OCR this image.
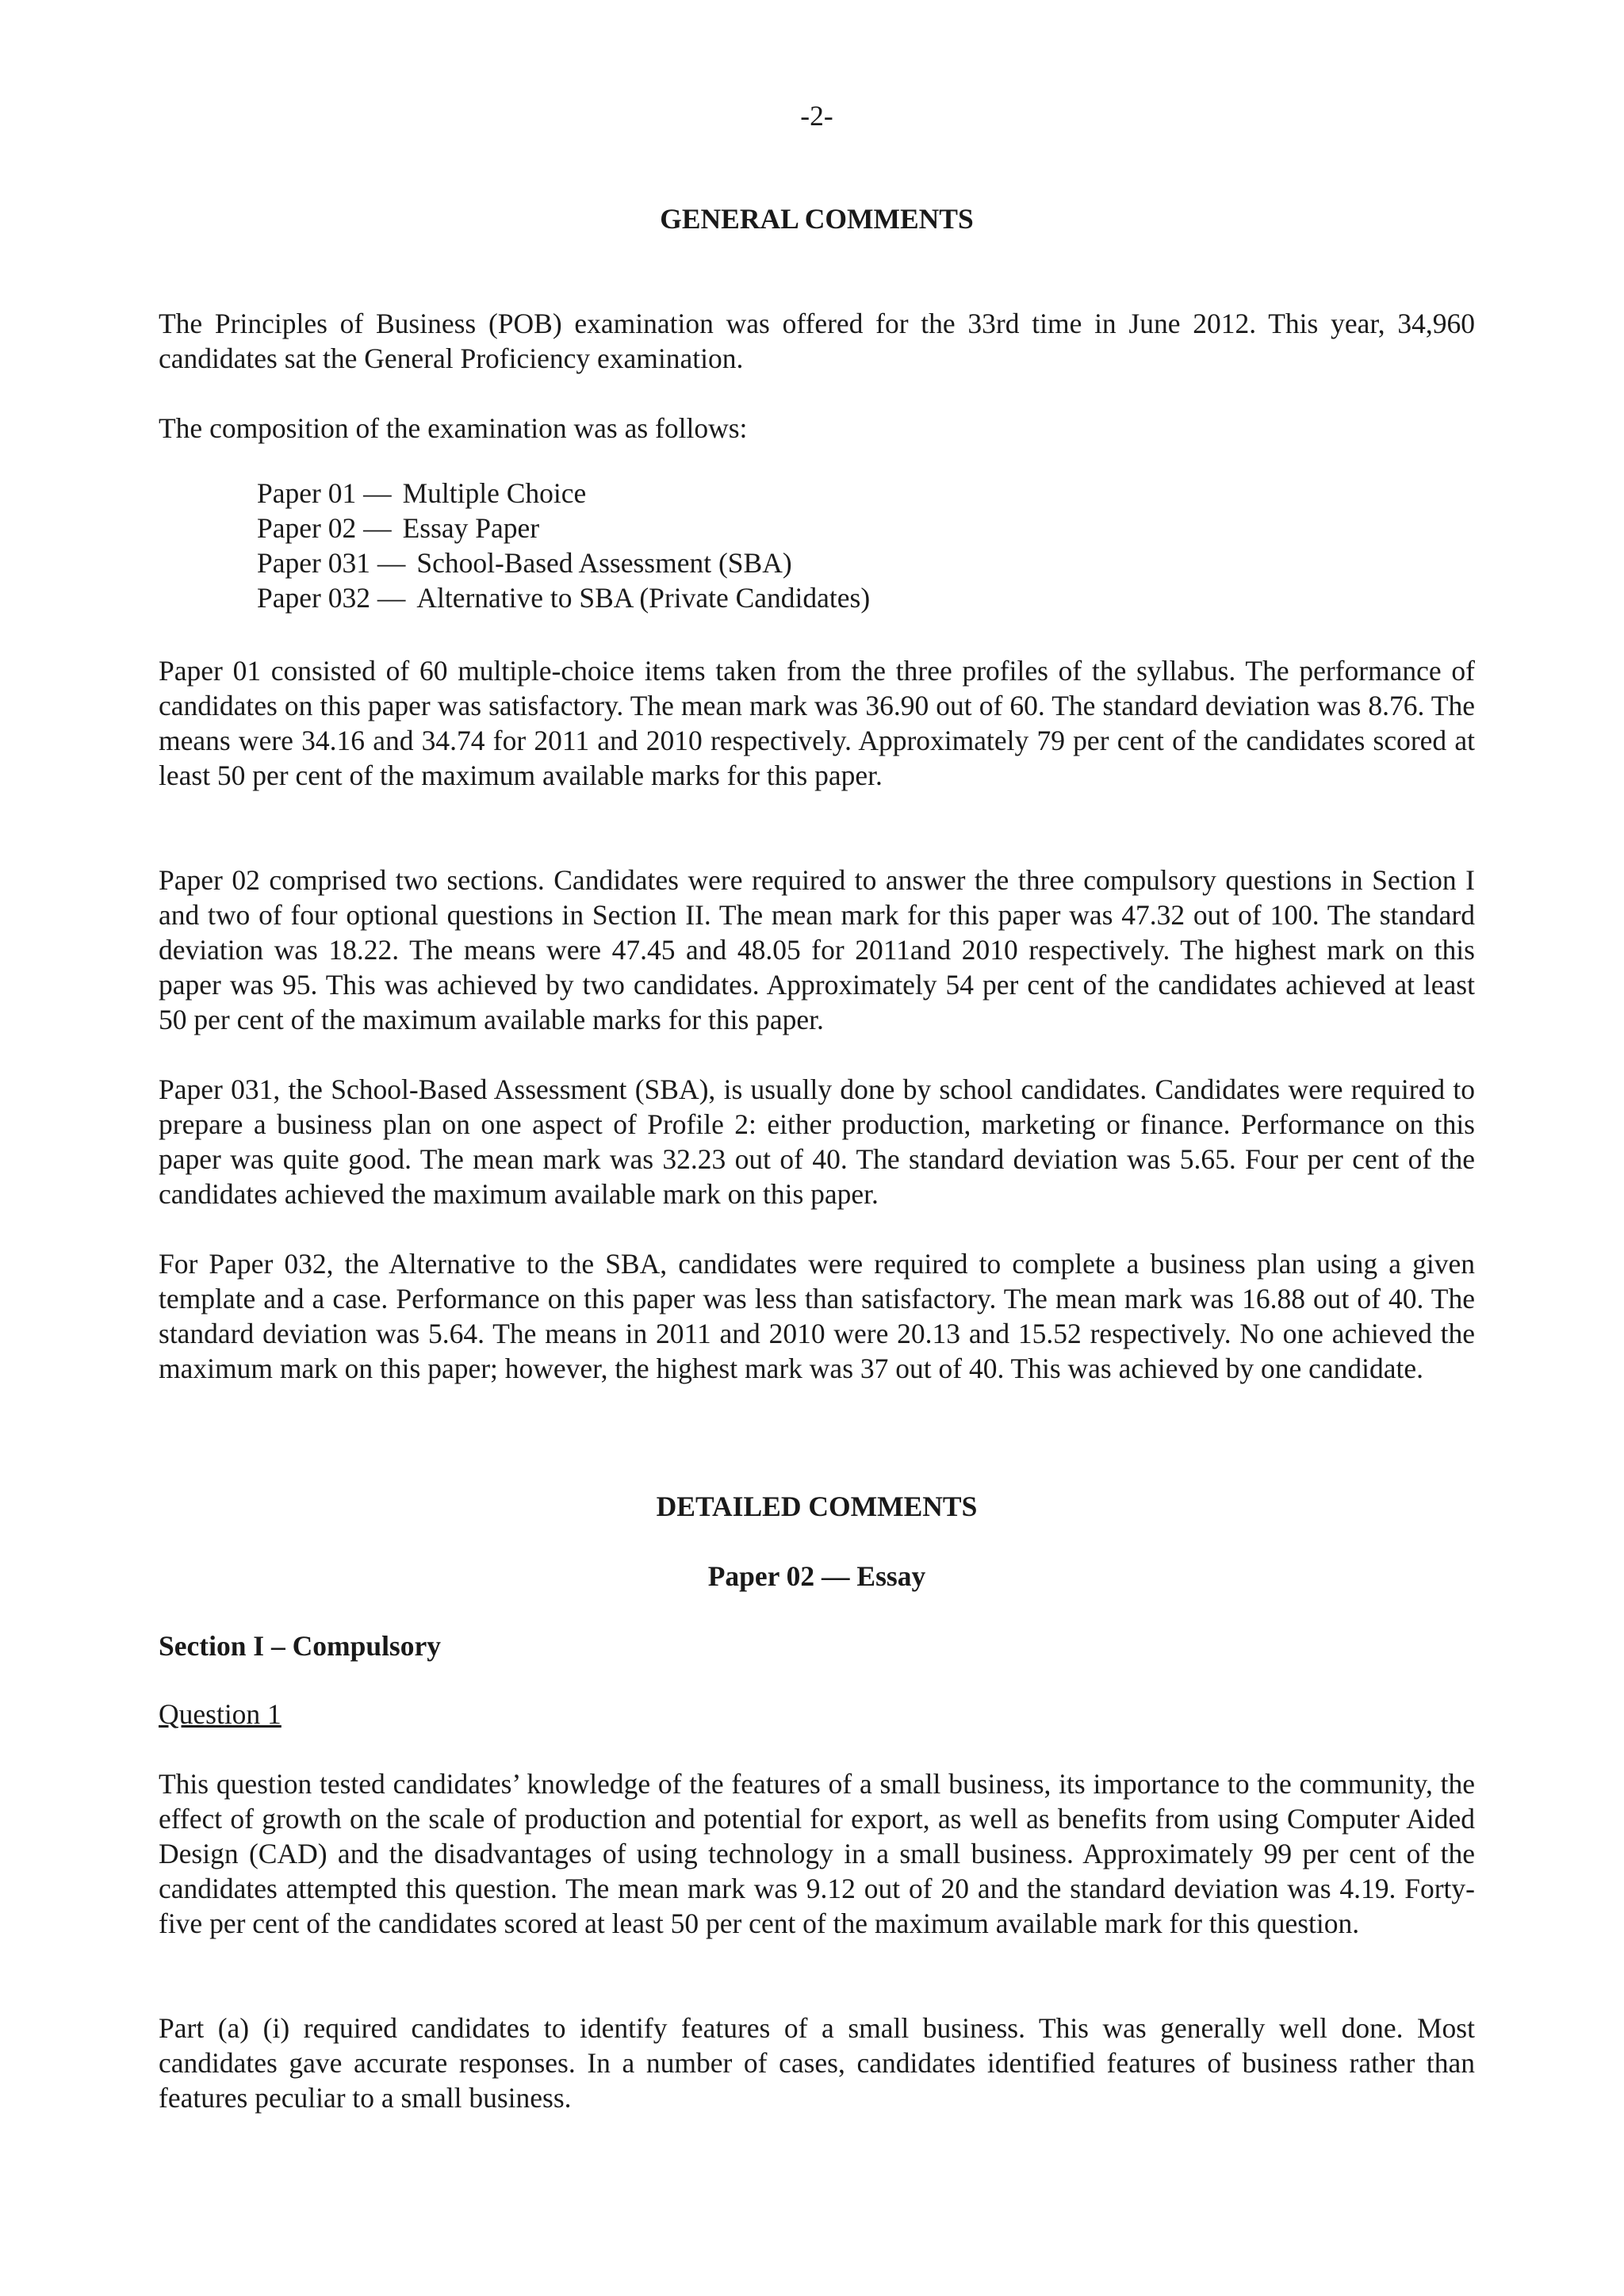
-2-
GENERAL COMMENTS

The Principles of Business (POB) examination was offered for the 33rd time in June 2012. This year, 34,960 candidates sat the General Proficiency examination.

The composition of the examination was as follows:

Paper 01 — Multiple Choice
Paper 02 — Essay Paper
Paper 031 — School-Based Assessment (SBA)
Paper 032 — Alternative to SBA (Private Candidates)

Paper 01 consisted of 60 multiple-choice items taken from the three profiles of the syllabus. The performance of candidates on this paper was satisfactory. The mean mark was 36.90 out of 60. The standard deviation was 8.76. The means were 34.16 and 34.74 for 2011 and 2010 respectively. Approximately 79 per cent of the candidates scored at least 50 per cent of the maximum available marks for this paper.

Paper 02 comprised two sections. Candidates were required to answer the three compulsory questions in Section I and two of four optional questions in Section II. The mean mark for this paper was 47.32 out of 100. The standard deviation was 18.22. The means were 47.45 and 48.05 for 2011and 2010 respectively. The highest mark on this paper was 95. This was achieved by two candidates. Approximately 54 per cent of the candidates achieved at least 50 per cent of the maximum available marks for this paper.

Paper 031, the School-Based Assessment (SBA), is usually done by school candidates. Candidates were required to prepare a business plan on one aspect of Profile 2: either production, marketing or finance. Performance on this paper was quite good. The mean mark was 32.23 out of 40. The standard deviation was 5.65. Four per cent of the candidates achieved the maximum available mark on this paper.

For Paper 032, the Alternative to the SBA, candidates were required to complete a business plan using a given template and a case. Performance on this paper was less than satisfactory. The mean mark was 16.88 out of 40. The standard deviation was 5.64. The means in 2011 and 2010 were 20.13 and 15.52 respectively. No one achieved the maximum mark on this paper; however, the highest mark was 37 out of 40. This was achieved by one candidate.

DETAILED COMMENTS
Paper 02 — Essay
Section I – Compulsory
Question 1

This question tested candidates’ knowledge of the features of a small business, its importance to the community, the effect of growth on the scale of production and potential for export, as well as benefits from using Computer Aided Design (CAD) and the disadvantages of using technology in a small business. Approximately 99 per cent of the candidates attempted this question. The mean mark was 9.12 out of 20 and the standard deviation was 4.19. Forty-five per cent of the candidates scored at least 50 per cent of the maximum available mark for this question.

Part (a) (i) required candidates to identify features of a small business. This was generally well done. Most candidates gave accurate responses. In a number of cases, candidates identified features of business rather than features peculiar to a small business.
